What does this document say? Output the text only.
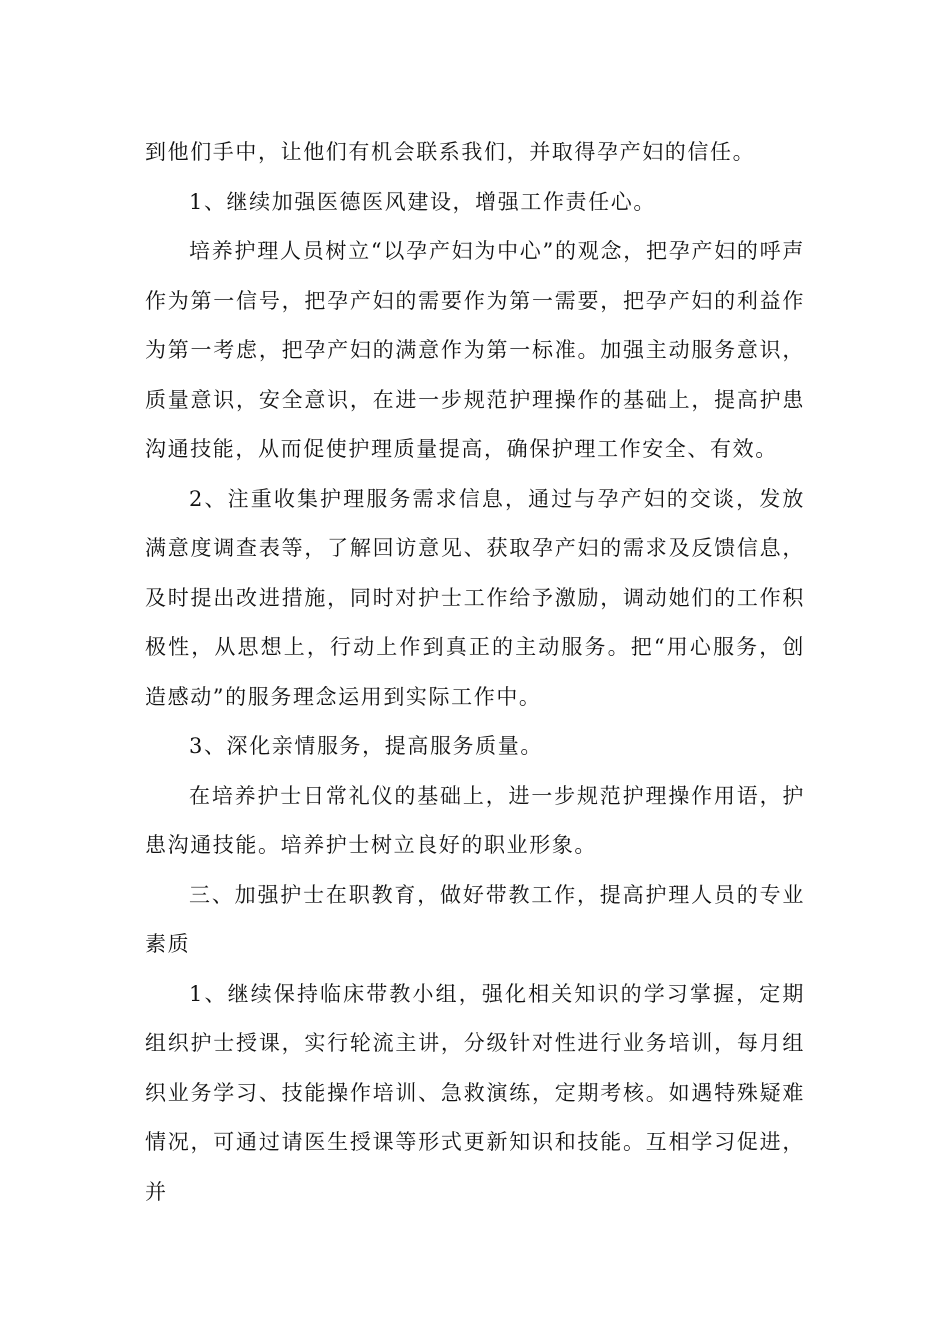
到他们手中，让他们有机会联系我们，并取得孕产妇的信任。

1、继续加强医德医风建设，增强工作责任心。

培养护理人员树立“以孕产妇为中心”的观念，把孕产妇的呼声作为第一信号，把孕产妇的需要作为第一需要，把孕产妇的利益作为第一考虑，把孕产妇的满意作为第一标准。加强主动服务意识，质量意识，安全意识，在进一步规范护理操作的基础上，提高护患沟通技能，从而促使护理质量提高，确保护理工作安全、有效。

2、注重收集护理服务需求信息，通过与孕产妇的交谈，发放满意度调查表等，了解回访意见、获取孕产妇的需求及反馈信息，及时提出改进措施，同时对护士工作给予激励，调动她们的工作积极性，从思想上，行动上作到真正的主动服务。把“用心服务，创造感动”的服务理念运用到实际工作中。

3、深化亲情服务，提高服务质量。

在培养护士日常礼仪的基础上，进一步规范护理操作用语，护患沟通技能。培养护士树立良好的职业形象。

三、加强护士在职教育，做好带教工作，提高护理人员的专业素质

1、继续保持临床带教小组，强化相关知识的学习掌握，定期组织护士授课，实行轮流主讲，分级针对性进行业务培训，每月组织业务学习、技能操作培训、急救演练，定期考核。如遇特殊疑难情况，可通过请医生授课等形式更新知识和技能。互相学习促进，并
